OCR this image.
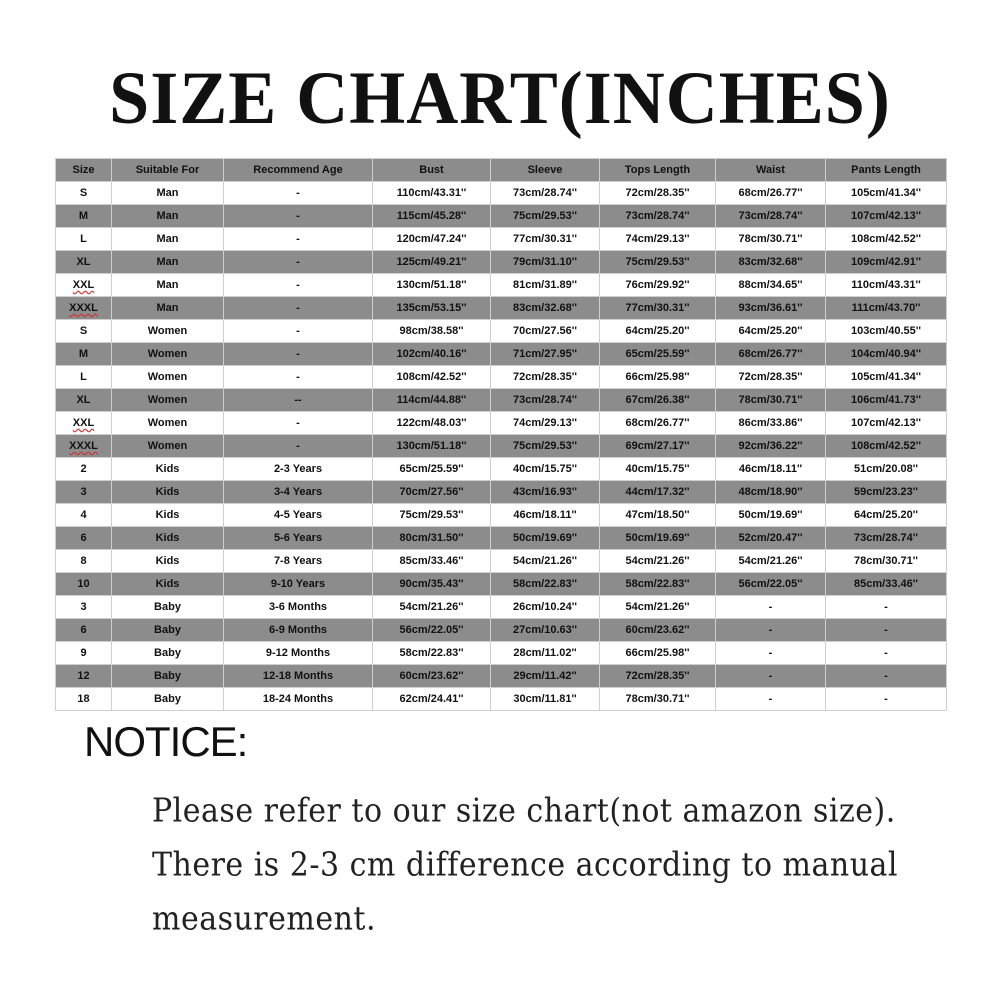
SIZE CHART(INCHES)
Size	Suitable For	Recommend Age	Bust	Sleeve	Tops Length	Waist	Pants Length
S	Man	-	110cm/43.31''	73cm/28.74''	72cm/28.35''	68cm/26.77''	105cm/41.34''
M	Man	-	115cm/45.28''	75cm/29.53''	73cm/28.74''	73cm/28.74''	107cm/42.13''
L	Man	-	120cm/47.24''	77cm/30.31''	74cm/29.13''	78cm/30.71''	108cm/42.52''
XL	Man	-	125cm/49.21''	79cm/31.10''	75cm/29.53''	83cm/32.68''	109cm/42.91''
XXL	Man	-	130cm/51.18''	81cm/31.89''	76cm/29.92''	88cm/34.65''	110cm/43.31''
XXXL	Man	-	135cm/53.15''	83cm/32.68''	77cm/30.31''	93cm/36.61''	111cm/43.70''
S	Women	-	98cm/38.58''	70cm/27.56''	64cm/25.20''	64cm/25.20''	103cm/40.55''
M	Women	-	102cm/40.16''	71cm/27.95''	65cm/25.59''	68cm/26.77''	104cm/40.94''
L	Women	-	108cm/42.52''	72cm/28.35''	66cm/25.98''	72cm/28.35''	105cm/41.34''
XL	Women	--	114cm/44.88''	73cm/28.74''	67cm/26.38''	78cm/30.71''	106cm/41.73''
XXL	Women	-	122cm/48.03''	74cm/29.13''	68cm/26.77''	86cm/33.86''	107cm/42.13''
XXXL	Women	-	130cm/51.18''	75cm/29.53''	69cm/27.17''	92cm/36.22''	108cm/42.52''
2	Kids	2-3 Years	65cm/25.59''	40cm/15.75''	40cm/15.75''	46cm/18.11''	51cm/20.08''
3	Kids	3-4 Years	70cm/27.56''	43cm/16.93''	44cm/17.32''	48cm/18.90''	59cm/23.23''
4	Kids	4-5 Years	75cm/29.53''	46cm/18.11''	47cm/18.50''	50cm/19.69''	64cm/25.20''
6	Kids	5-6 Years	80cm/31.50''	50cm/19.69''	50cm/19.69''	52cm/20.47''	73cm/28.74''
8	Kids	7-8 Years	85cm/33.46''	54cm/21.26''	54cm/21.26''	54cm/21.26''	78cm/30.71''
10	Kids	9-10 Years	90cm/35.43''	58cm/22.83''	58cm/22.83''	56cm/22.05''	85cm/33.46''
3	Baby	3-6 Months	54cm/21.26''	26cm/10.24''	54cm/21.26''	-	-
6	Baby	6-9 Months	56cm/22.05''	27cm/10.63''	60cm/23.62''	-	-
9	Baby	9-12 Months	58cm/22.83''	28cm/11.02''	66cm/25.98''	-	-
12	Baby	12-18 Months	60cm/23.62''	29cm/11.42''	72cm/28.35''	-	-
18	Baby	18-24 Months	62cm/24.41''	30cm/11.81''	78cm/30.71''	-	-
NOTICE:
Please refer to our size chart(not amazon size).
There is 2-3 cm difference according to manual
measurement.
